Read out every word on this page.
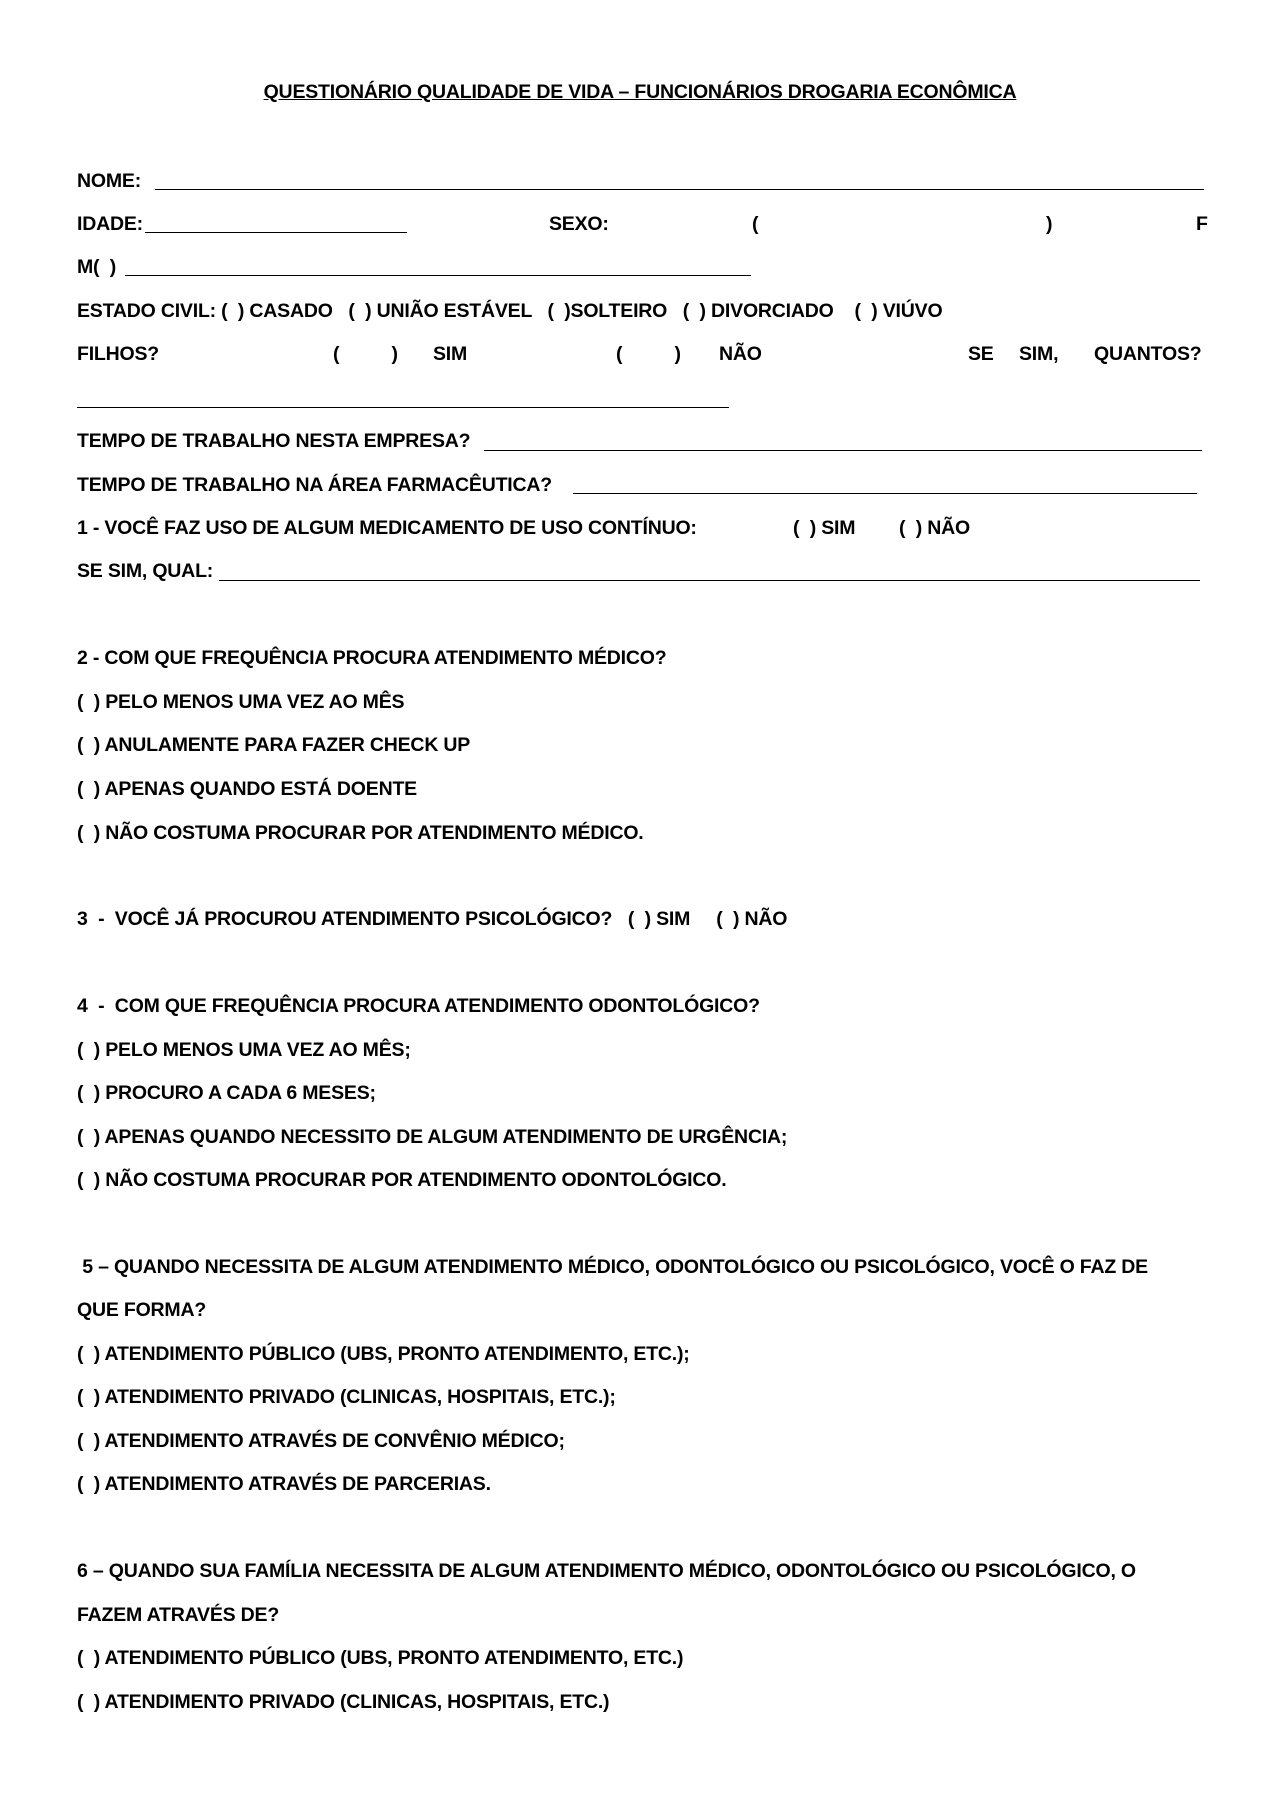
QUESTIONÁRIO QUALIDADE DE VIDA – FUNCIONÁRIOS DROGARIA ECONÔMICA
NOME:
IDADE:	SEXO:	(	)	F
M(  )
ESTADO CIVIL: (  ) CASADO   (  ) UNIÃO ESTÁVEL   (  )SOLTEIRO   (  ) DIVORCIADO    (  ) VIÚVO
FILHOS?	(          ) SIM	(          ) NÃO	SE SIM, QUANTOS?
TEMPO DE TRABALHO NESTA EMPRESA?
TEMPO DE TRABALHO NA ÁREA FARMACÊUTICA?
1 - VOCÊ FAZ USO DE ALGUM MEDICAMENTO DE USO CONTÍNUO:	(  ) SIM (  ) NÃO
SE SIM, QUAL:
2 - COM QUE FREQUÊNCIA PROCURA ATENDIMENTO MÉDICO?
(  ) PELO MENOS UMA VEZ AO MÊS
(  ) ANULAMENTE PARA FAZER CHECK UP
(  ) APENAS QUANDO ESTÁ DOENTE
(  ) NÃO COSTUMA PROCURAR POR ATENDIMENTO MÉDICO.
3  -  VOCÊ JÁ PROCUROU ATENDIMENTO PSICOLÓGICO?   (  ) SIM     (  ) NÃO
4  -  COM QUE FREQUÊNCIA PROCURA ATENDIMENTO ODONTOLÓGICO?
(  ) PELO MENOS UMA VEZ AO MÊS;
(  ) PROCURO A CADA 6 MESES;
(  ) APENAS QUANDO NECESSITO DE ALGUM ATENDIMENTO DE URGÊNCIA;
(  ) NÃO COSTUMA PROCURAR POR ATENDIMENTO ODONTOLÓGICO.
5 – QUANDO NECESSITA DE ALGUM ATENDIMENTO MÉDICO, ODONTOLÓGICO OU PSICOLÓGICO, VOCÊ O FAZ DE
QUE FORMA?
(  ) ATENDIMENTO PÚBLICO (UBS, PRONTO ATENDIMENTO, ETC.);
(  ) ATENDIMENTO PRIVADO (CLINICAS, HOSPITAIS, ETC.);
(  ) ATENDIMENTO ATRAVÉS DE CONVÊNIO MÉDICO;
(  ) ATENDIMENTO ATRAVÉS DE PARCERIAS.
6 – QUANDO SUA FAMÍLIA NECESSITA DE ALGUM ATENDIMENTO MÉDICO, ODONTOLÓGICO OU PSICOLÓGICO, O
FAZEM ATRAVÉS DE?
(  ) ATENDIMENTO PÚBLICO (UBS, PRONTO ATENDIMENTO, ETC.)
(  ) ATENDIMENTO PRIVADO (CLINICAS, HOSPITAIS, ETC.)
